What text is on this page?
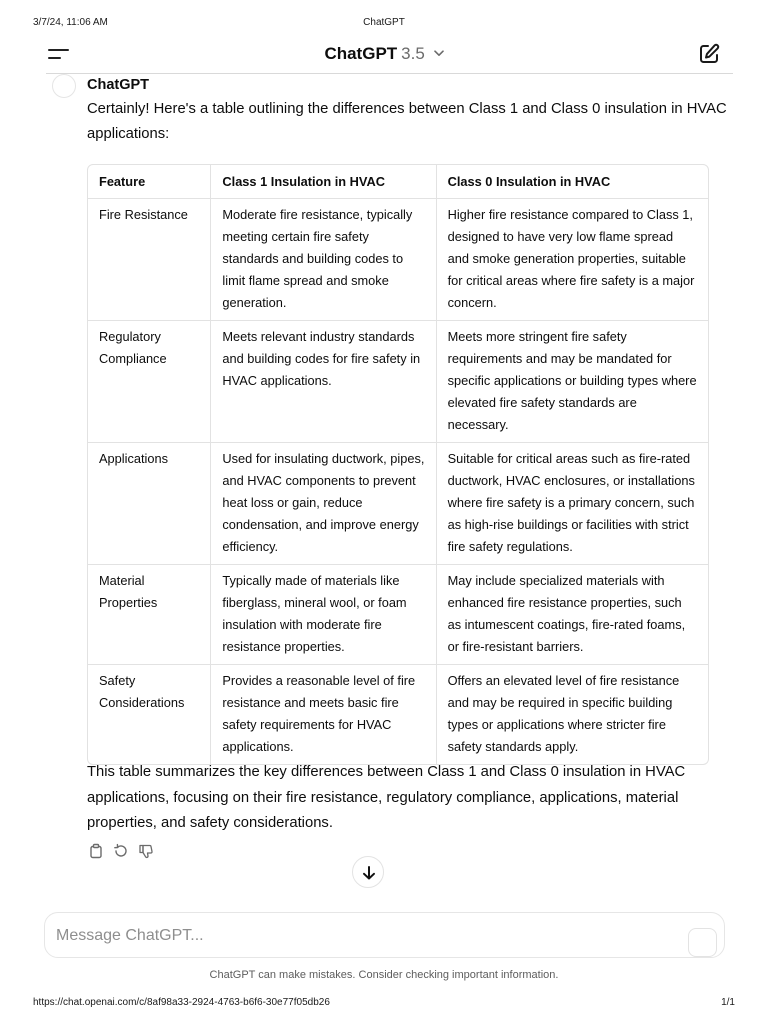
3/7/24, 11:06 AM	ChatGPT
ChatGPT 3.5
ChatGPT
Certainly! Here's a table outlining the differences between Class 1 and Class 0 insulation in HVAC applications:
Feature	Class 1 Insulation in HVAC	Class 0 Insulation in HVAC
Fire Resistance	Moderate fire resistance, typically meeting certain fire safety standards and building codes to limit flame spread and smoke generation.	Higher fire resistance compared to Class 1, designed to have very low flame spread and smoke generation properties, suitable for critical areas where fire safety is a major concern.
Regulatory Compliance	Meets relevant industry standards and building codes for fire safety in HVAC applications.	Meets more stringent fire safety requirements and may be mandated for specific applications or building types where elevated fire safety standards are necessary.
Applications	Used for insulating ductwork, pipes, and HVAC components to prevent heat loss or gain, reduce condensation, and improve energy efficiency.	Suitable for critical areas such as fire-rated ductwork, HVAC enclosures, or installations where fire safety is a primary concern, such as high-rise buildings or facilities with strict fire safety regulations.
Material Properties	Typically made of materials like fiberglass, mineral wool, or foam insulation with moderate fire resistance properties.	May include specialized materials with enhanced fire resistance properties, such as intumescent coatings, fire-rated foams, or fire-resistant barriers.
Safety Considerations	Provides a reasonable level of fire resistance and meets basic fire safety requirements for HVAC applications.	Offers an elevated level of fire resistance and may be required in specific building types or applications where stricter fire safety standards apply.
This table summarizes the key differences between Class 1 and Class 0 insulation in HVAC applications, focusing on their fire resistance, regulatory compliance, applications, material properties, and safety considerations.
Message ChatGPT...
ChatGPT can make mistakes. Consider checking important information.
https://chat.openai.com/c/8af98a33-2924-4763-b6f6-30e77f05db26	1/1
